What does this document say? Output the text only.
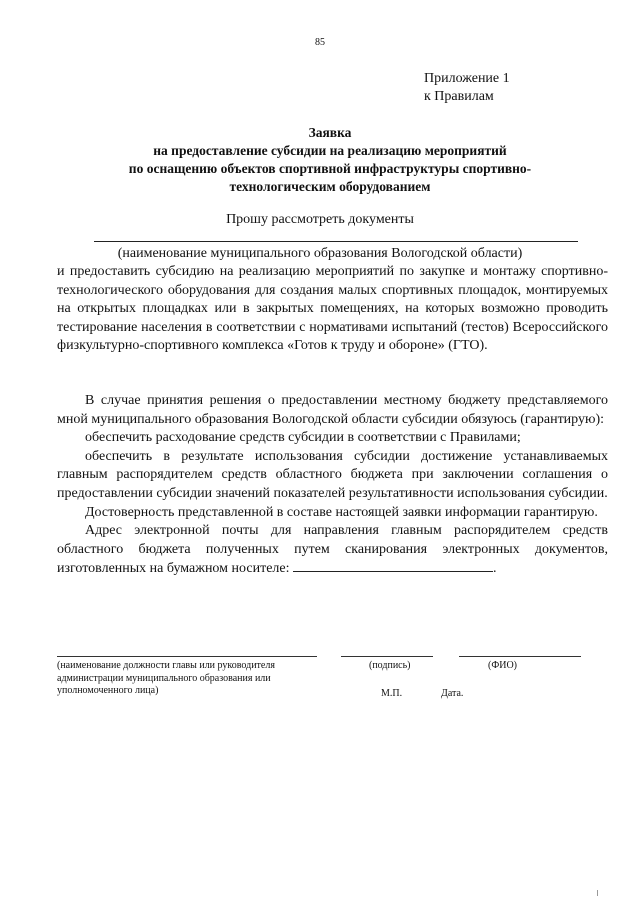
85
Приложение 1
к Правилам
Заявка
на предоставление субсидии на реализацию мероприятий
по оснащению объектов спортивной инфраструктуры спортивно-
технологическим оборудованием
Прошу рассмотреть документы
(наименование муниципального образования Вологодской области)

и предоставить субсидию на реализацию мероприятий по закупке и монтажу спортивно-технологического оборудования для создания малых спортивных площадок, монтируемых на открытых площадках или в закрытых помещениях, на которых возможно проводить тестирование населения в соответствии с нормативами испытаний (тестов) Всероссийского физкультурно-спортивного комплекса «Готов к труду и обороне» (ГТО).

В случае принятия решения о предоставлении местному бюджету представляемого мной муниципального образования Вологодской области субсидии обязуюсь (гарантирую):

обеспечить расходование средств субсидии в соответствии с Правилами;

обеспечить в результате использования субсидии достижение устанавливаемых главным распорядителем средств областного бюджета при заключении соглашения о предоставлении субсидии значений показателей результативности использования субсидии.

Достоверность представленной в составе настоящей заявки информации гарантирую.

Адрес электронной почты для направления главным распорядителем средств областного бюджета полученных путем сканирования электронных документов, изготовленных на бумажном носителе:	.

(наименование должности главы или руководителя администрации муниципального образования или уполномоченного лица)
(подпись)	(ФИО)
М.П.	Дата.
